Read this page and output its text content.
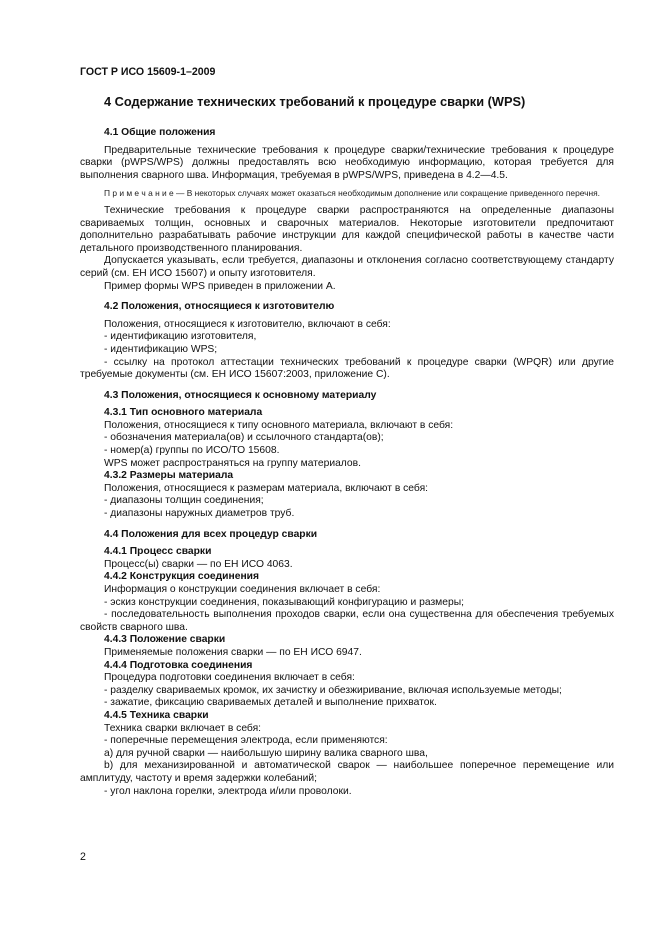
ГОСТ Р ИСО 15609-1–2009
4 Содержание технических требований к процедуре сварки (WPS)
4.1 Общие положения

Предварительные технические требования к процедуре сварки/технические требования к процедуре сварки (pWPS/WPS) должны предоставлять всю необходимую информацию, которая требуется для выполнения сварного шва. Информация, требуемая в pWPS/WPS, приведена в 4.2—4.5.

П р и м е ч а н и е — В некоторых случаях может оказаться необходимым дополнение или сокращение приведенного перечня.

Технические требования к процедуре сварки распространяются на определенные диапазоны свариваемых толщин, основных и сварочных материалов. Некоторые изготовители предпочитают дополнительно разрабатывать рабочие инструкции для каждой специфической работы в качестве части детального производственного планирования.

Допускается указывать, если требуется, диапазоны и отклонения согласно соответствующему стандарту серий (см. ЕН ИСО 15607) и опыту изготовителя.

Пример формы WPS приведен в приложении А.

4.2 Положения, относящиеся к изготовителю

Положения, относящиеся к изготовителю, включают в себя:

- идентификацию изготовителя,
- идентификацию WPS;
- ссылку на протокол аттестации технических требований к процедуре сварки (WPQR) или другие требуемые документы (см. ЕН ИСО 15607:2003, приложение С).
4.3 Положения, относящиеся к основному материалу
4.3.1 Тип основного материала

Положения, относящиеся к типу основного материала, включают в себя:

- обозначения материала(ов) и ссылочного стандарта(ов);
- номер(а) группы по ИСО/ТО 15608.

WPS может распространяться на группу материалов.

4.3.2 Размеры материала

Положения, относящиеся к размерам материала, включают в себя:

- диапазоны толщин соединения;
- диапазоны наружных диаметров труб.
4.4 Положения для всех процедур сварки
4.4.1 Процесс сварки

Процесс(ы) сварки — по ЕН ИСО 4063.

4.4.2 Конструкция соединения

Информация о конструкции соединения включает в себя:

- эскиз конструкции соединения, показывающий конфигурацию и размеры;
- последовательность выполнения проходов сварки, если она существенна для обеспечения требуемых свойств сварного шва.
4.4.3 Положение сварки

Применяемые положения сварки — по ЕН ИСО 6947.

4.4.4 Подготовка соединения

Процедура подготовки соединения включает в себя:

- разделку свариваемых кромок, их зачистку и обезжиривание, включая используемые методы;
- зажатие, фиксацию свариваемых деталей и выполнение прихваток.
4.4.5 Техника сварки

Техника сварки включает в себя:

- поперечные перемещения электрода, если применяются:
a) для ручной сварки — наибольшую ширину валика сварного шва,
b) для механизированной и автоматической сварок — наибольшее поперечное перемещение или амплитуду, частоту и время задержки колебаний;
- угол наклона горелки, электрода и/или проволоки.
2
